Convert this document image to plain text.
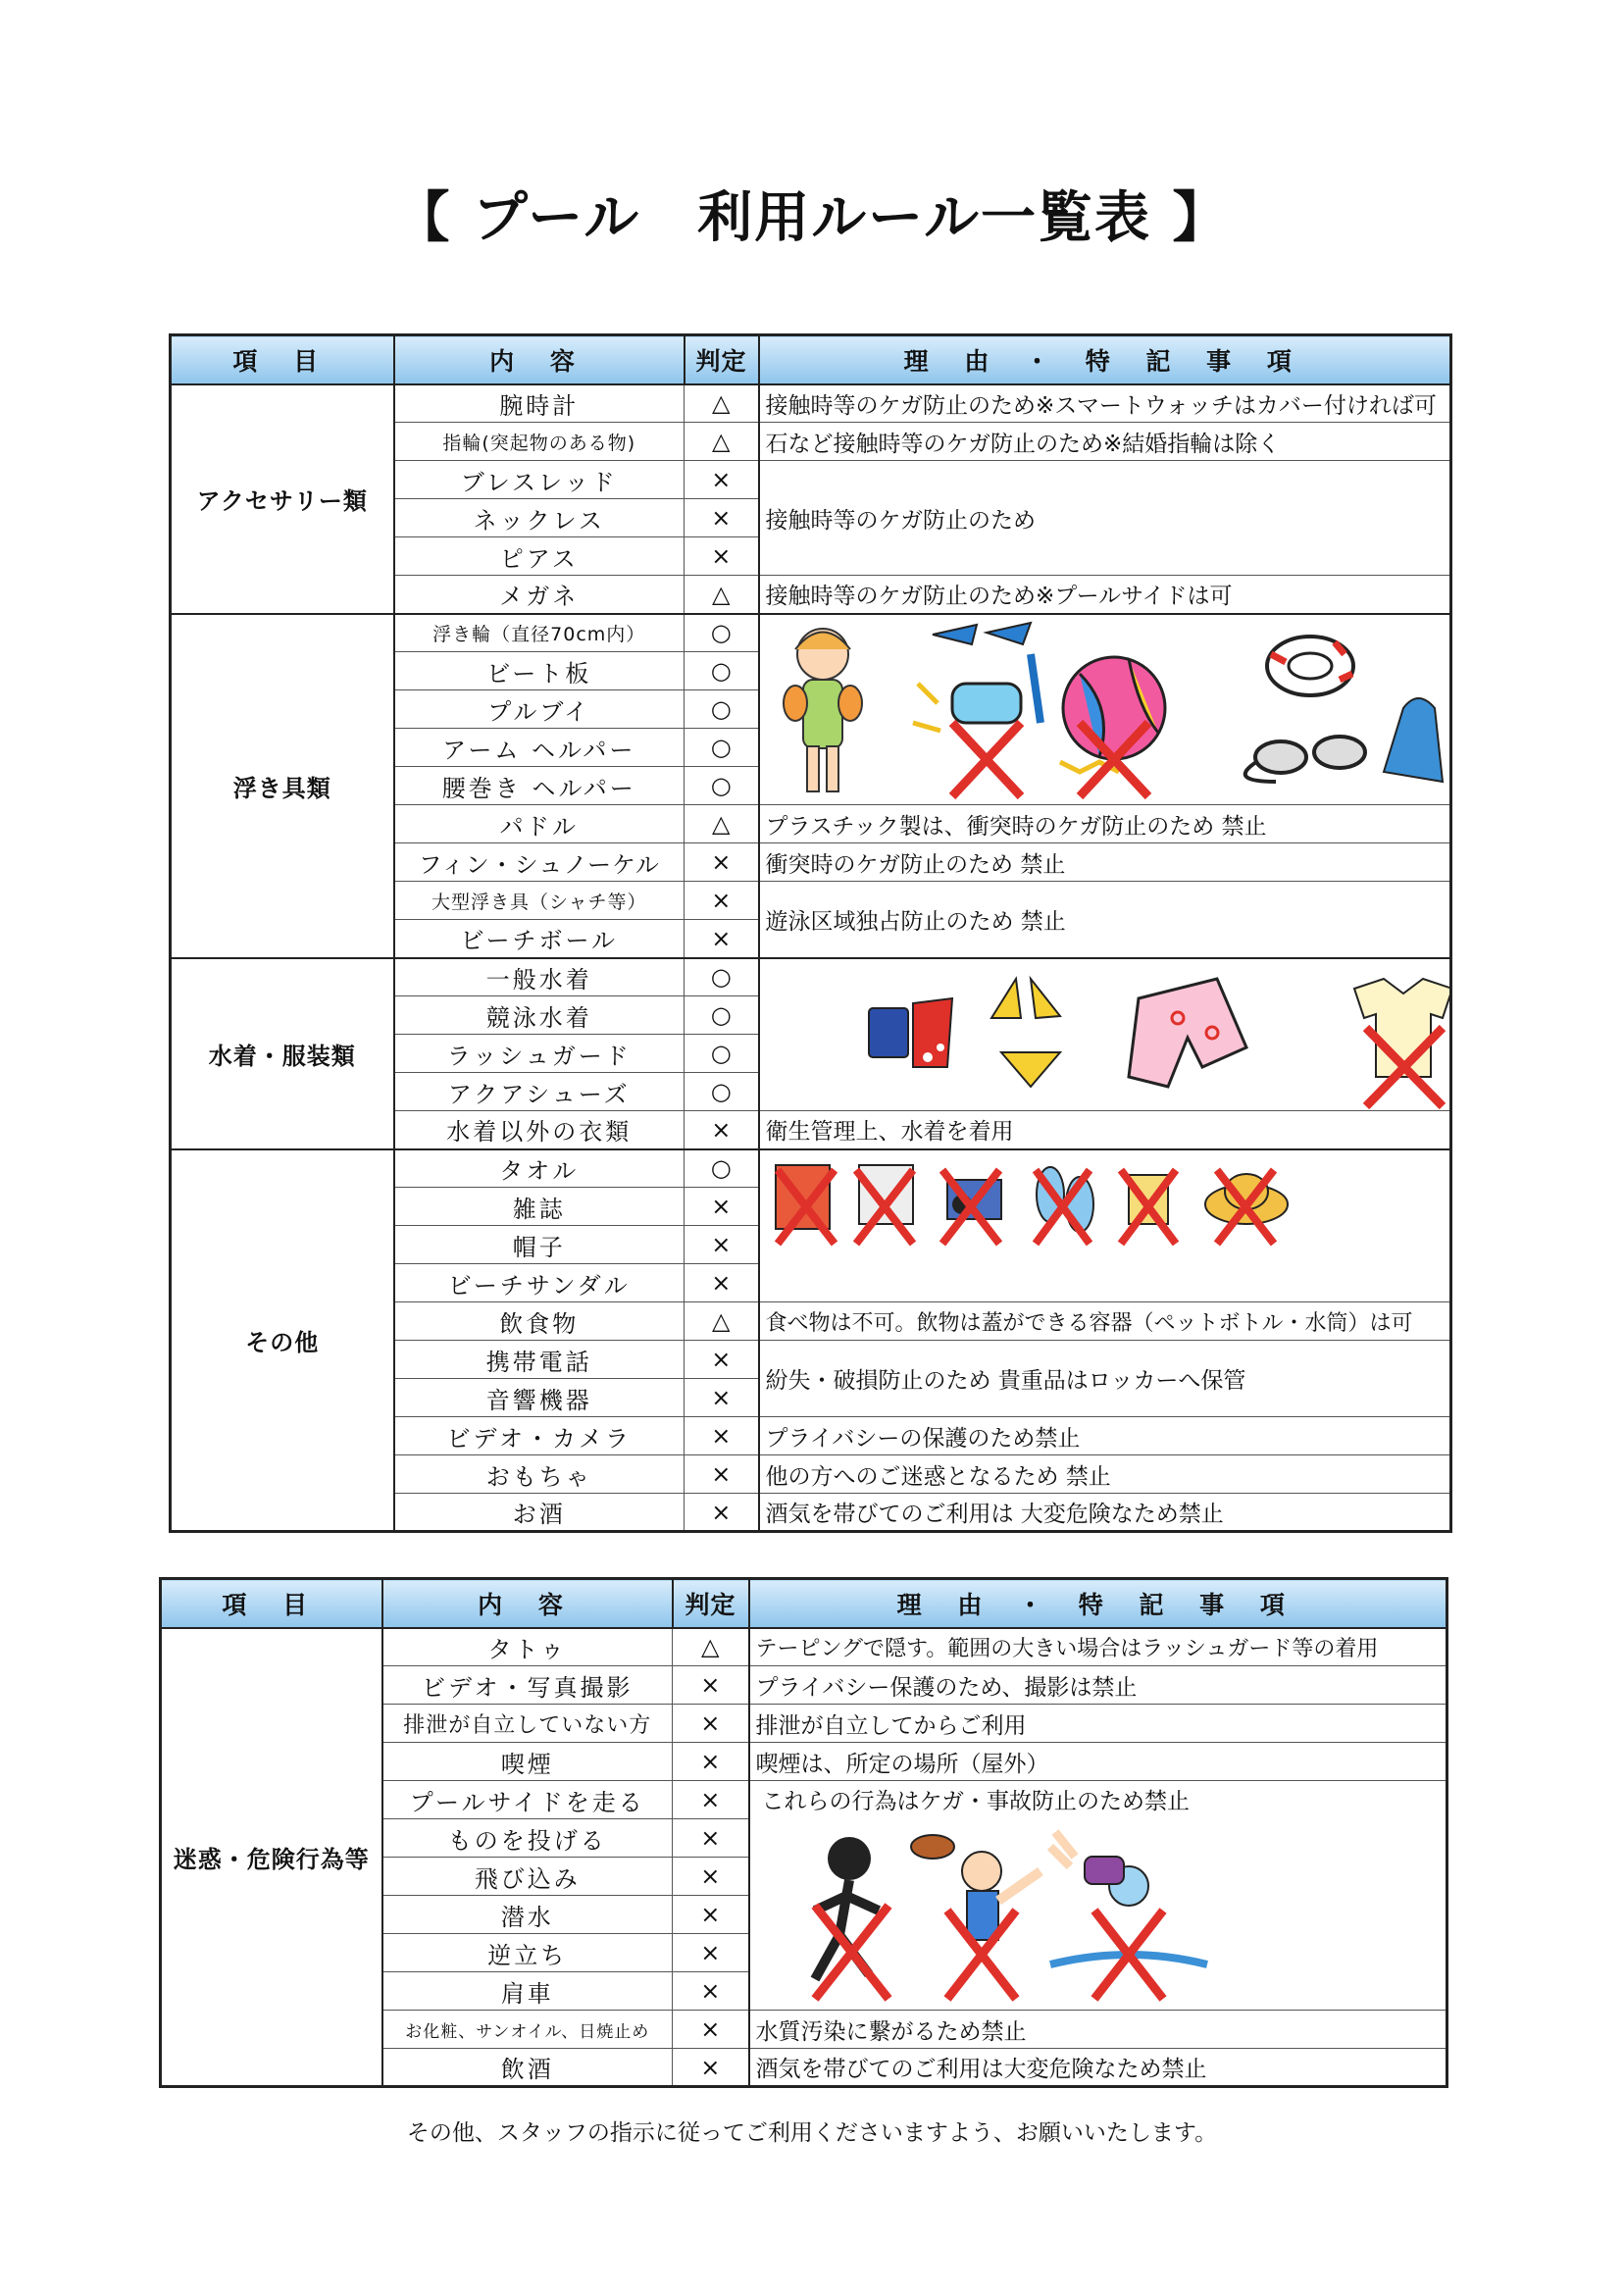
【 プール　利用ルール一覧表 】
項 目	内 容	判定	理 由 ・ 特 記 事 項
アクセサリー類	腕時計	△	接触時等のケガ防止のため※スマートウォッチはカバー付ければ可
	指輪(突起物のある物)	△	石など接触時等のケガ防止のため※結婚指輪は除く
	ブレスレッド	×	接触時等のケガ防止のため
	ネックレス	×	
	ピアス	×	
	メガネ	△	接触時等のケガ防止のため※プールサイドは可
浮き具類	浮き輪（直径70cm内）	○	

	ビート板	○	
	プルブイ	○	
	アーム ヘルパー	○	
	腰巻き ヘルパー	○	
	パドル	△	プラスチック製は、衝突時のケガ防止のため 禁止
	フィン・シュノーケル	×	衝突時のケガ防止のため 禁止
	大型浮き具（シャチ等）	×	遊泳区域独占防止のため 禁止
	ビーチボール	×	
水着・服装類	一般水着	○	

	競泳水着	○	
	ラッシュガード	○	
	アクアシューズ	○	
	水着以外の衣類	×	衛生管理上、水着を着用
その他	タオル	○	

	雑誌	×	
	帽子	×	
	ビーチサンダル	×	
	飲食物	△	食べ物は不可。飲物は蓋ができる容器（ペットボトル・水筒）は可
	携帯電話	×	紛失・破損防止のため 貴重品はロッカーへ保管
	音響機器	×	
	ビデオ・カメラ	×	プライバシーの保護のため禁止
	おもちゃ	×	他の方へのご迷惑となるため 禁止
	お酒	×	酒気を帯びてのご利用は 大変危険なため禁止
項 目	内 容	判定	理 由 ・ 特 記 事 項
迷惑・危険行為等	タトゥ	△	テーピングで隠す。範囲の大きい場合はラッシュガード等の着用
	ビデオ・写真撮影	×	プライバシー保護のため、撮影は禁止
	排泄が自立していない方	×	排泄が自立してからご利用
	喫煙	×	喫煙は、所定の場所（屋外）
	プールサイドを走る	×	これらの行為はケガ・事故防止のため禁止

	ものを投げる	×	
	飛び込み	×	
	潜水	×	
	逆立ち	×	
	肩車	×	
	お化粧、サンオイル、日焼止め	×	水質汚染に繋がるため禁止
	飲酒	×	酒気を帯びてのご利用は大変危険なため禁止
その他、スタッフの指示に従ってご利用くださいますよう、お願いいたします。
